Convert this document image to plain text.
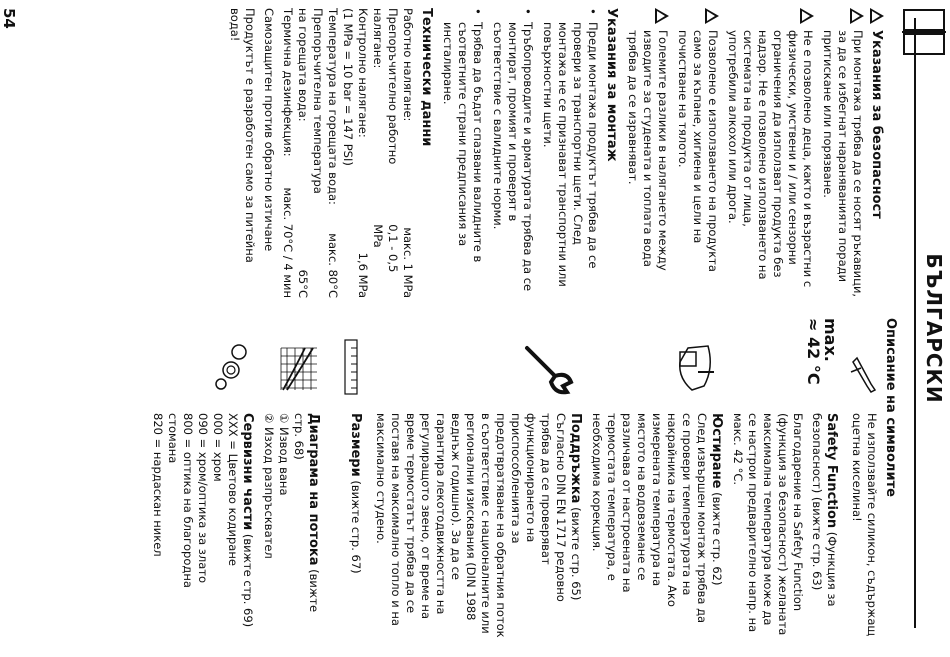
БЪЛГАРСКИ
Указания за безопасност
При монтажа трябва да се носят ръкавици, за да се избегнат нараняванията поради притискане или порязване.
Не е позволено деца, както и възрастни с физически, умствени и / или сензорни ограничения да използват продукта без надзор. Не е позволено използването на системата на продукта от лица, употребили алкохол или дрога.
Позволено е използването на продукта само за къпане, хигиена и цели на почистване на тялото.
Големите разлики в налягането между изводите за студената и топлата вода трябва да се изравняват.
Указания за монтаж
• Преди монтажа продуктът трябва да се провери за транспортни щети. След монтажа не се признават транспортни или повърхностни щети.
• Тръбопроводите и арматурата трябва да се монтират, промият и проверят в съответствие с валидните норми.
• Трябва да бъдат спазвани валидните в съответните страни предписания за инсталиране.
Технически данни
Работно налягане:
макс. 1 MPa
Препоръчително работно налягане:
0,1 - 0,5 MPa
Контролно налягане:
1,6 MPa
(1 MPa = 10 bar = 147 PSI)
Температура на горещата вода:
макс. 80°C
Препоръчителна температура на горещата вода:
65°C
Термична дезинфекция:
макс. 70°C / 4 мин

Самозащитен против обратно изтичане

Продуктът е разработен само за питейна вода!

Описание на символите
Не използвайте силикон, съдържащ оцетна киселина!
max.
≈ 42 °C
Safety Function (Функция за безопасност) (вижте стр. 63)
Благодарение на Safety Function (функция за безопасност) желаната максимална температура може да се настрои предварително напр. на макс. 42 °C.
Юстиране (вижте стр. 62)
След извършен монтаж трябва да се провери температурата на накрайника на термостата. Ако измерената температура на мястото на водовземане се различава от настроената на термостата температура, е необходима корекция.
Поддръжка (вижте стр. 65)
Съгласно DIN EN 1717 редовно трябва да се проверяват функционирането на приспособленията за предотвратяване на обратния поток в съответствие с националните или регионални изисквания (DIN 1988 веднъж годишно). За да се гарантира лекотодвижността на регулиращото звено, от време на време термостатът трябва да се поставя на максимално топло и на максимално студено.
Размери (вижте стр. 67)
Диаграма на потока (вижте стр. 68)
① Извод вана
② Изход разпръсквател
Сервизни части (вижте стр. 69)
XXX = Цветово кодиране
000 = хром
090 = хром/оптика за злато
800 = оптика на благородна стомана
820 = нардаскан никел
54
